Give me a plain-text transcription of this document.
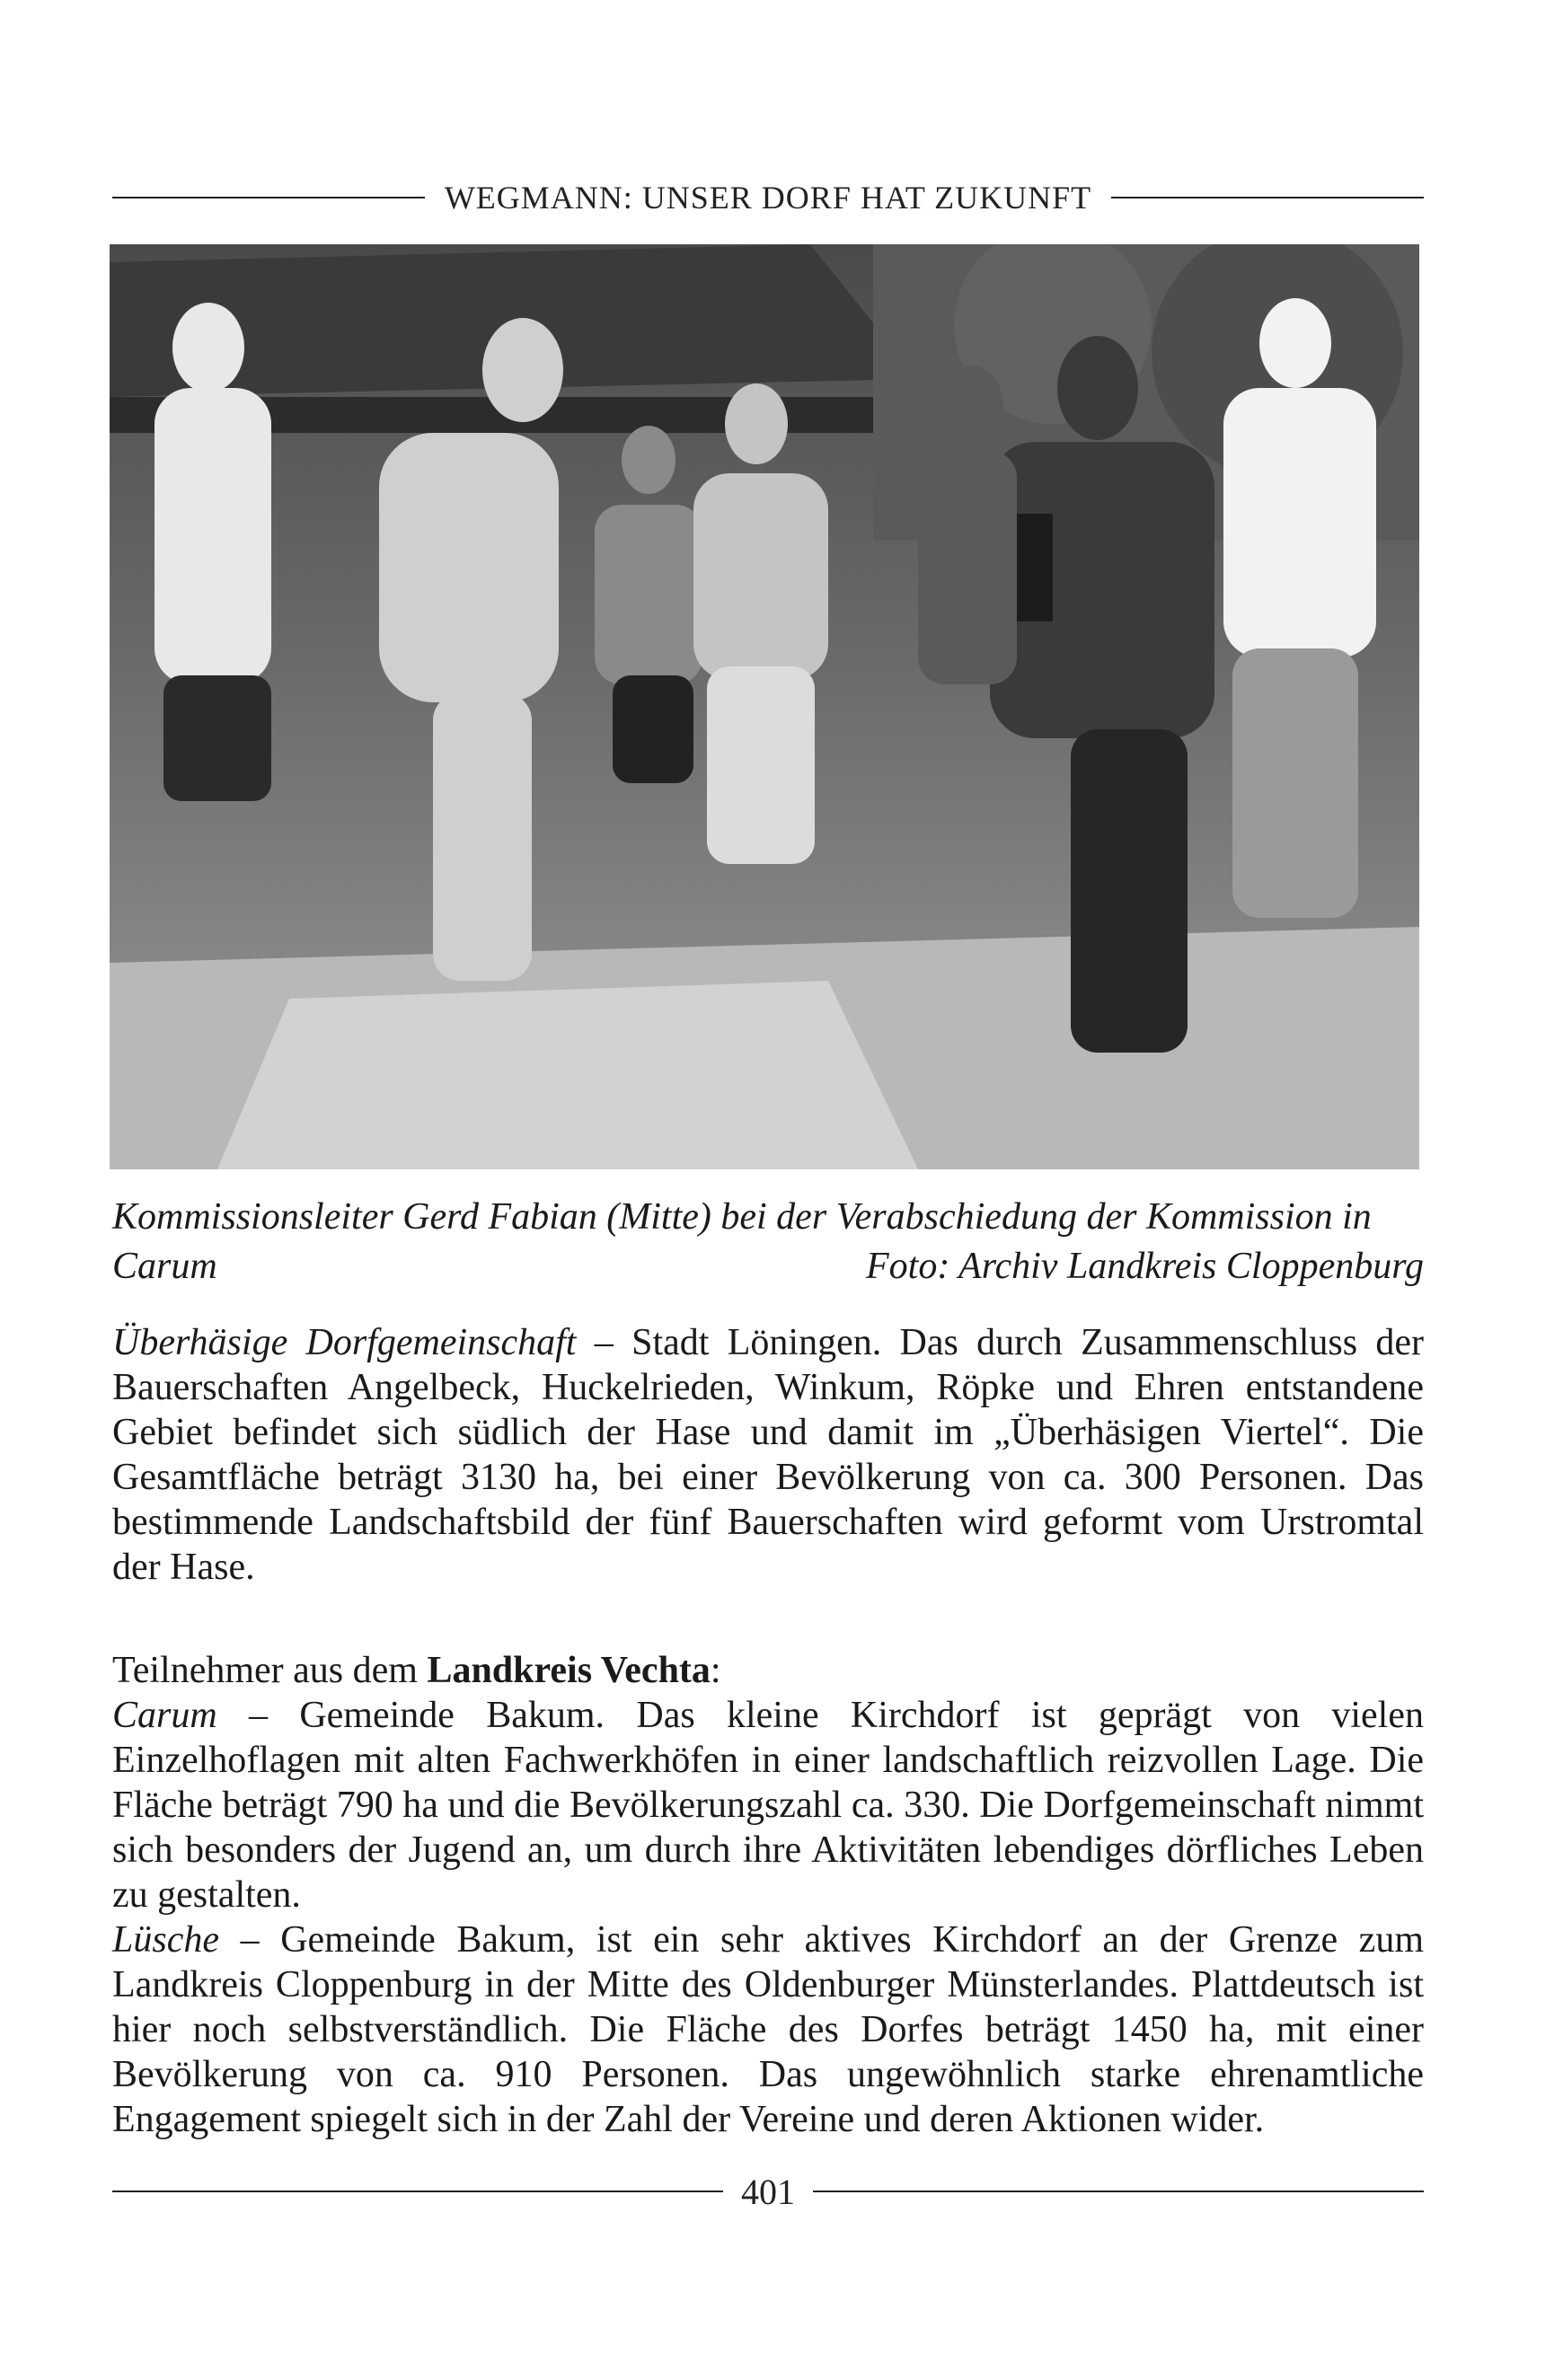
WEGMANN: UNSER DORF HAT ZUKUNFT
Kommissionsleiter Gerd Fabian (Mitte) bei der Verabschiedung der Kommission in
Carum	Foto: Archiv Landkreis Cloppenburg

Überhäsige Dorfgemeinschaft – Stadt Löningen. Das durch Zusammenschluss der Bauerschaften Angelbeck, Huckelrieden, Winkum, Röpke und Ehren entstandene Gebiet befindet sich südlich der Hase und damit im „Überhäsigen Viertel“. Die Gesamtfläche beträgt 3130 ha, bei einer Bevölkerung von ca. 300 Personen. Das bestimmende Landschaftsbild der fünf Bauerschaften wird geformt vom Urstromtal der Hase.

Teilnehmer aus dem Landkreis Vechta:

Carum – Gemeinde Bakum. Das kleine Kirchdorf ist geprägt von vielen Einzelhoflagen mit alten Fachwerkhöfen in einer landschaftlich reizvollen Lage. Die Fläche beträgt 790 ha und die Bevölkerungszahl ca. 330. Die Dorfgemeinschaft nimmt sich besonders der Jugend an, um durch ihre Aktivitäten lebendiges dörfliches Leben zu gestalten.

Lüsche – Gemeinde Bakum, ist ein sehr aktives Kirchdorf an der Grenze zum Landkreis Cloppenburg in der Mitte des Oldenburger Münsterlandes. Plattdeutsch ist hier noch selbstverständlich. Die Fläche des Dorfes beträgt 1450 ha, mit einer Bevölkerung von ca. 910 Personen. Das ungewöhnlich starke ehrenamtliche Engagement spiegelt sich in der Zahl der Vereine und deren Aktionen wider.

401
